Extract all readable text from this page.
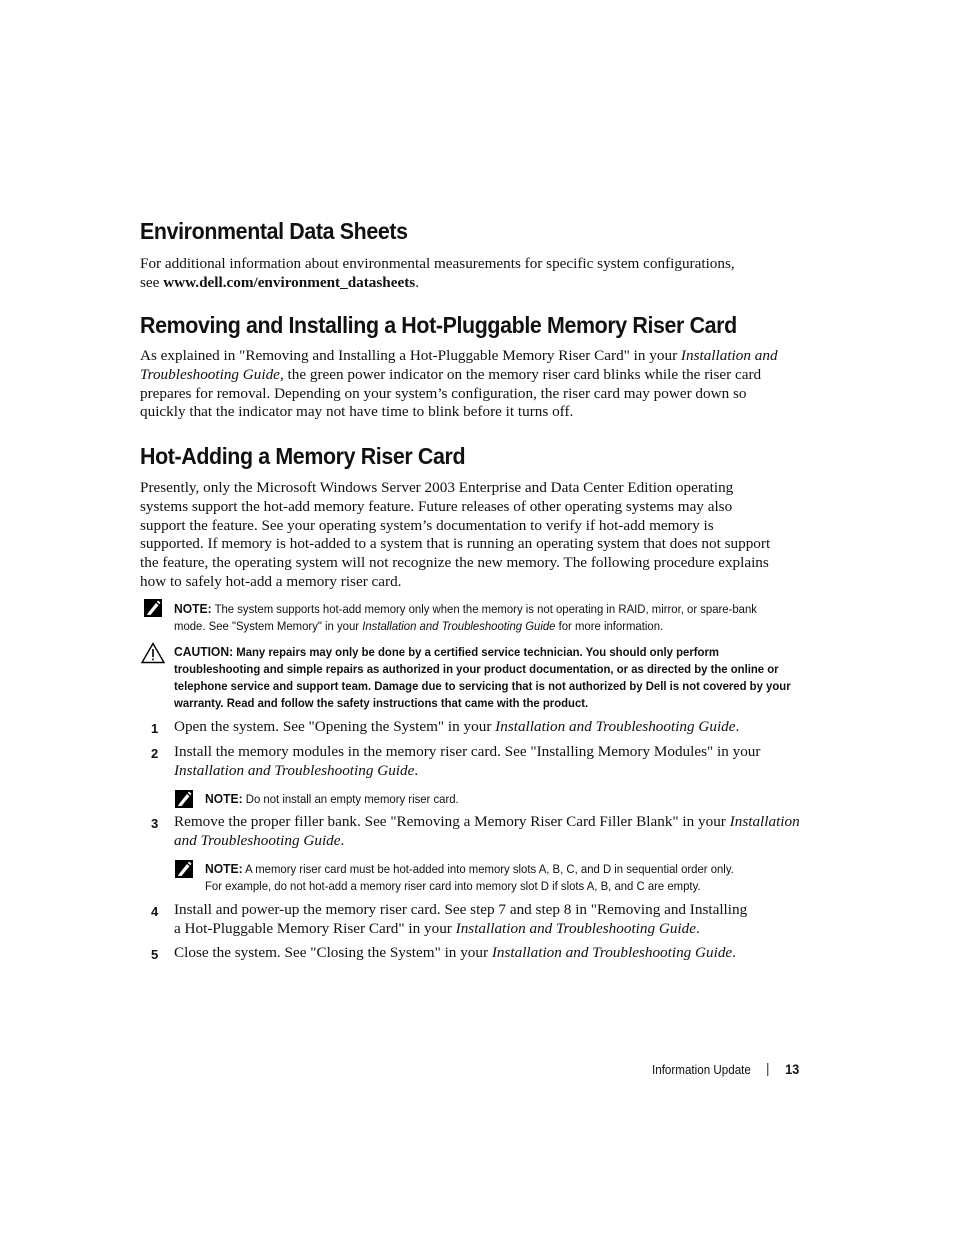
Environmental Data Sheets

For additional information about environmental measurements for specific system configurations,
see www.dell.com/environment_datasheets.

Removing and Installing a Hot-Pluggable Memory Riser Card

As explained in "Removing and Installing a Hot-Pluggable Memory Riser Card" in your Installation and
Troubleshooting Guide, the green power indicator on the memory riser card blinks while the riser card
prepares for removal. Depending on your system’s configuration, the riser card may power down so
quickly that the indicator may not have time to blink before it turns off.

Hot-Adding a Memory Riser Card

Presently, only the Microsoft Windows Server 2003 Enterprise and Data Center Edition operating
systems support the hot-add memory feature. Future releases of other operating systems may also
support the feature. See your operating system’s documentation to verify if hot-add memory is
supported. If memory is hot-added to a system that is running an operating system that does not support
the feature, the operating system will not recognize the new memory. The following procedure explains
how to safely hot-add a memory riser card.

NOTE: The system supports hot-add memory only when the memory is not operating in RAID, mirror, or spare-bank
mode. See "System Memory" in your Installation and Troubleshooting Guide for more information.
CAUTION: Many repairs may only be done by a certified service technician. You should only perform
troubleshooting and simple repairs as authorized in your product documentation, or as directed by the online or
telephone service and support team. Damage due to servicing that is not authorized by Dell is not covered by your
warranty. Read and follow the safety instructions that came with the product.
1 Open the system. See "Opening the System" in your Installation and Troubleshooting Guide.

2 Install the memory modules in the memory riser card. See "Installing Memory Modules" in your
Installation and Troubleshooting Guide.

NOTE: Do not install an empty memory riser card.
3 Remove the proper filler bank. See "Removing a Memory Riser Card Filler Blank" in your Installation
and Troubleshooting Guide.

NOTE: A memory riser card must be hot-added into memory slots A, B, C, and D in sequential order only.
For example, do not hot-add a memory riser card into memory slot D if slots A, B, and C are empty.
4 Install and power-up the memory riser card. See step 7 and step 8 in "Removing and Installing
a Hot-Pluggable Memory Riser Card" in your Installation and Troubleshooting Guide.

5 Close the system. See "Closing the System" in your Installation and Troubleshooting Guide.

Information Update	13
